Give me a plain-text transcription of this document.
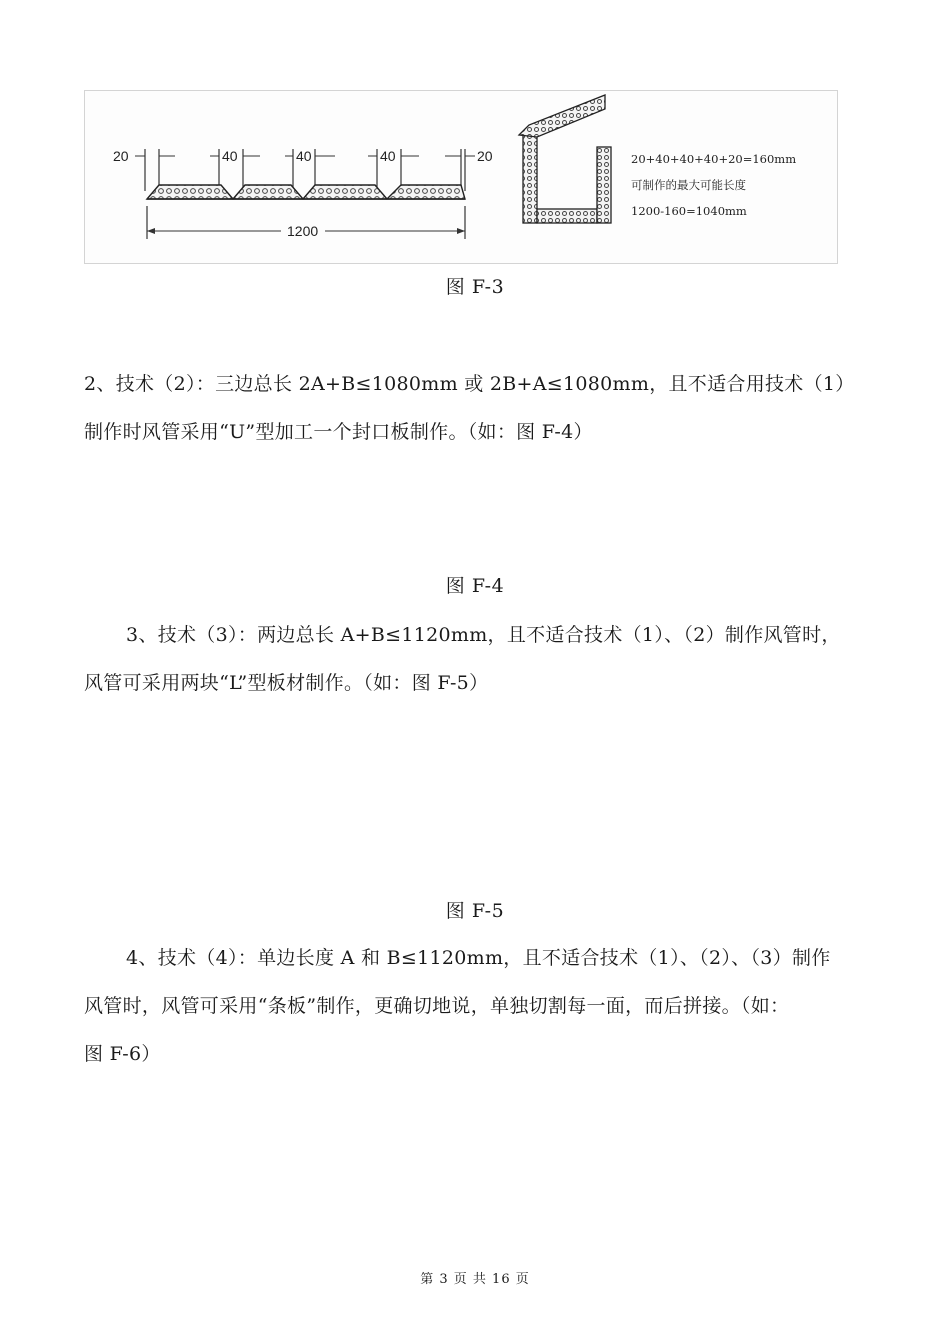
20	40	40	40	20
1200
20+40+40+40+20=160mm
可制作的最大可能长度
1200-160=1040mm
图 F-3
2、技术（2）：三边总长 2A+B≤1080mm 或 2B+A≤1080mm，且不适合用技术（1）
制作时风管采用“U”型加工一个封口板制作。（如：图 F-4）
图 F-4
3、技术（3）：两边总长 A+B≤1120mm，且不适合技术（1）、（2）制作风管时，
风管可采用两块“L”型板材制作。（如：图 F-5）
图 F-5
4、技术（4）：单边长度 A 和 B≤1120mm，且不适合技术（1）、（2）、（3）制作
风管时，风管可采用“条板”制作，更确切地说，单独切割每一面，而后拼接。（如：
图 F-6）
第 3 页 共 16 页
